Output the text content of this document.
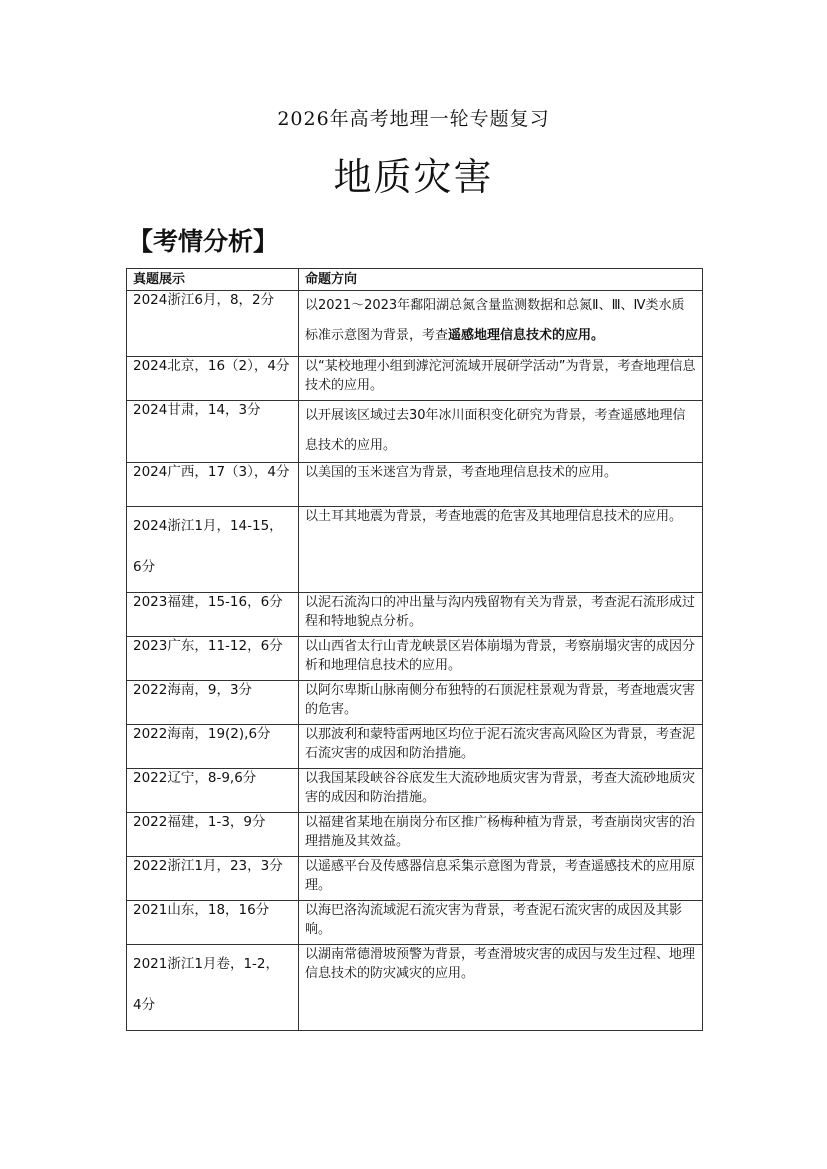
2026年高考地理一轮专题复习
地质灾害
【考情分析】
真题展示	命题方向
2024浙江6月，8，2分	以2021～2023年鄱阳湖总氮含量监测数据和总氮Ⅱ、Ⅲ、Ⅳ类水质标准示意图为背景，考查遥感地理信息技术的应用。
2024北京，16（2），4分	以“某校地理小组到滹沱河流域开展研学活动”为背景，考查地理信息技术的应用。
2024甘肃，14，3分	以开展该区域过去30年冰川面积变化研究为背景，考查遥感地理信息技术的应用。
2024广西，17（3），4分	以美国的玉米迷宫为背景，考查地理信息技术的应用。
2024浙江1月，14-15，
6分	以土耳其地震为背景，考查地震的危害及其地理信息技术的应用。
2023福建，15-16，6分	以泥石流沟口的冲出量与沟内残留物有关为背景，考查泥石流形成过程和特地貌点分析。
2023广东，11-12，6分	以山西省太行山青龙峡景区岩体崩塌为背景，考察崩塌灾害的成因分析和地理信息技术的应用。
2022海南，9，3分	以阿尔卑斯山脉南侧分布独特的石顶泥柱景观为背景，考查地震灾害的危害。
2022海南，19(2),6分	以那波利和蒙特雷两地区均位于泥石流灾害高风险区为背景，考查泥石流灾害的成因和防治措施。
2022辽宁，8-9,6分	以我国某段峡谷谷底发生大流砂地质灾害为背景，考查大流砂地质灾害的成因和防治措施。
2022福建，1-3，9分	以福建省某地在崩岗分布区推广杨梅种植为背景，考查崩岗灾害的治理措施及其效益。
2022浙江1月，23，3分	以遥感平台及传感器信息采集示意图为背景，考查遥感技术的应用原理。
2021山东，18，16分	以海巴洛沟流域泥石流灾害为背景，考查泥石流灾害的成因及其影响。
2021浙江1月卷，1-2，
4分	以湖南常德滑坡预警为背景，考查滑坡灾害的成因与发生过程、地理信息技术的防灾减灾的应用。
